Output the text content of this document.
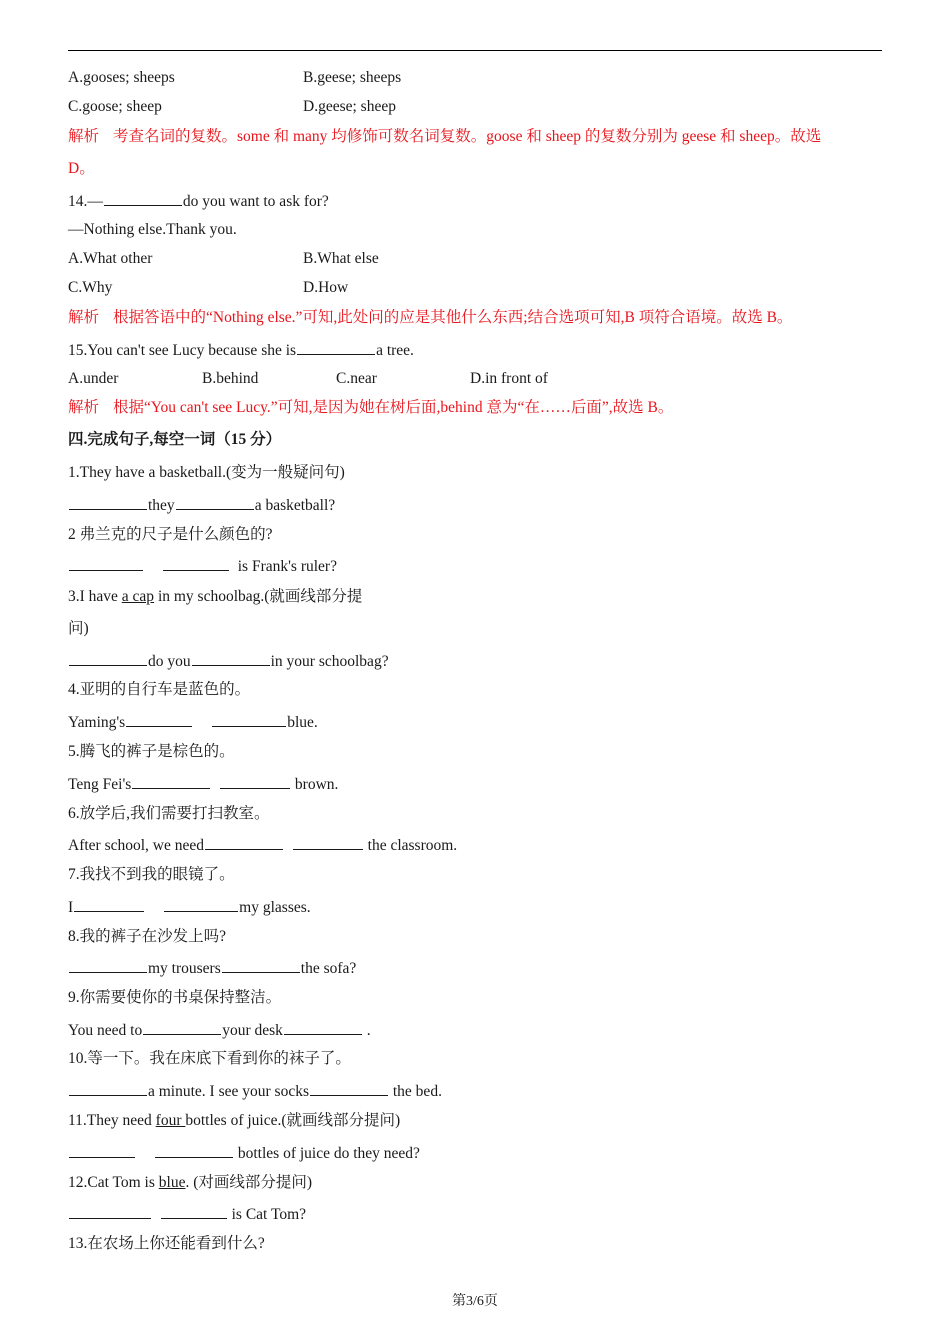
A.gooses; sheeps	B.geese; sheeps
C.goose; sheep	D.geese; sheep
解析 考查名词的复数。some 和 many 均修饰可数名词复数。goose 和 sheep 的复数分别为 geese 和 sheep。故选
D。
14.—	do you want to ask for?
—Nothing else.Thank you.
A.What other	B.What else
C.Why	D.How
解析 根据答语中的“Nothing else.”可知,此处问的应是其他什么东西;结合选项可知,B 项符合语境。故选 B。
15.You can't see Lucy because she is	a tree.
A.under	B.behind	C.near	D.in front of
解析 根据“You can't see Lucy.”可知,是因为她在树后面,behind 意为“在……后面”,故选 B。
四.完成句子,每空一词（15 分）
1.They have a basketball.(变为一般疑问句)
they	a basketball?
2 弗兰克的尺子是什么颜色的?
is Frank's ruler?
3.I have a cap in my schoolbag.(就画线部分提
问)
do you	in your schoolbag?
4.亚明的自行车是蓝色的。
Yaming's	blue.
5.腾飞的裤子是棕色的。
Teng Fei's	brown.
6.放学后,我们需要打扫教室。
After school, we need	the classroom.
7.我找不到我的眼镜了。
I	my glasses.
8.我的裤子在沙发上吗?
my trousers	the sofa?
9.你需要使你的书桌保持整洁。
You need to	your desk	.
10.等一下。我在床底下看到你的袜子了。
a minute. I see your socks	the bed.
11.They need four bottles of juice.(就画线部分提问)
bottles of juice do they need?
12.Cat Tom is blue. (对画线部分提问)
is Cat Tom?
13.在农场上你还能看到什么?
第3/6页
